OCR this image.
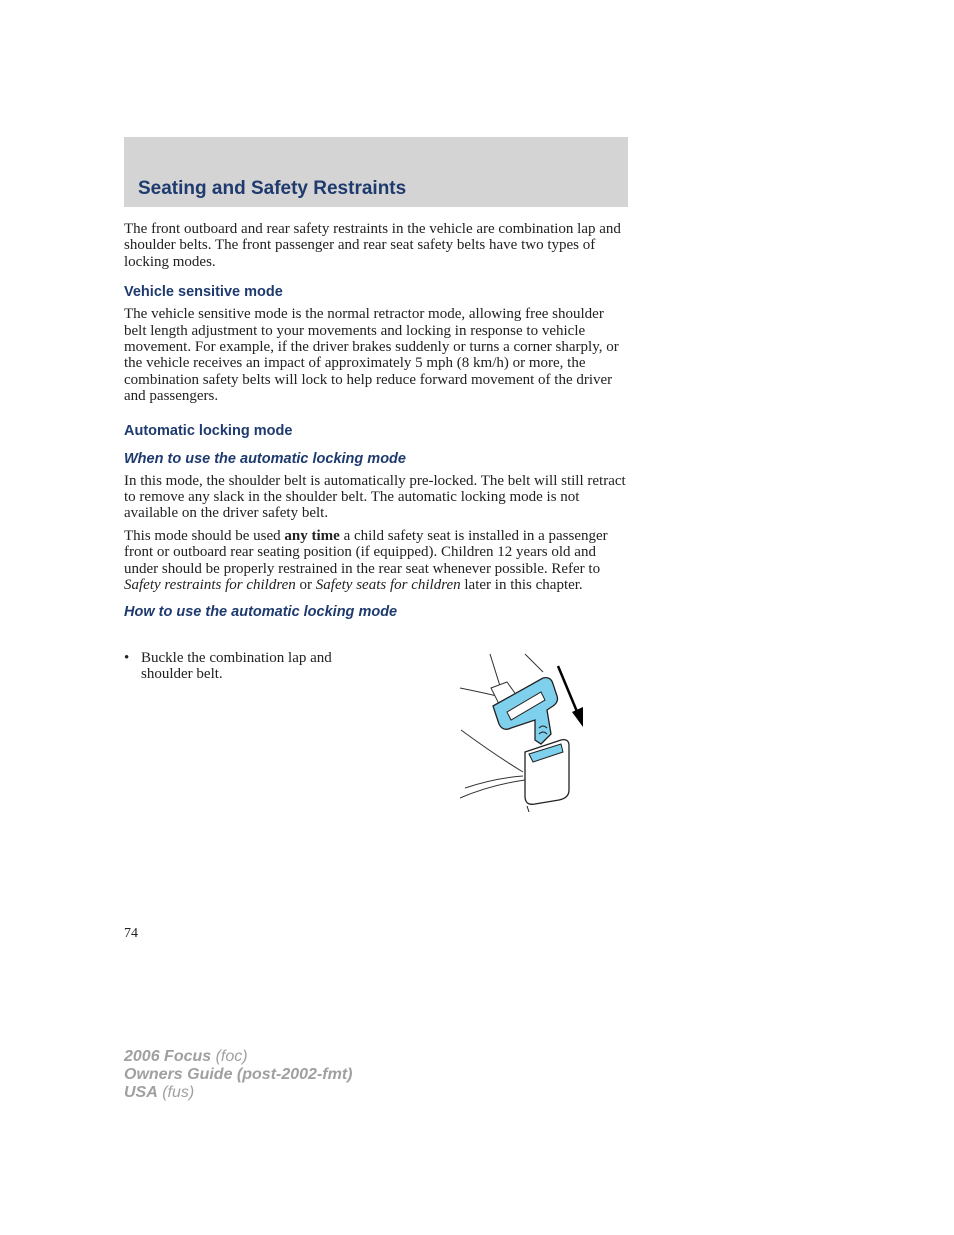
Seating and Safety Restraints

The front outboard and rear safety restraints in the vehicle are combination lap and shoulder belts. The front passenger and rear seat safety belts have two types of locking modes.

Vehicle sensitive mode

The vehicle sensitive mode is the normal retractor mode, allowing free shoulder belt length adjustment to your movements and locking in response to vehicle movement. For example, if the driver brakes suddenly or turns a corner sharply, or the vehicle receives an impact of approximately 5 mph (8 km/h) or more, the combination safety belts will lock to help reduce forward movement of the driver and passengers.

Automatic locking mode
When to use the automatic locking mode

In this mode, the shoulder belt is automatically pre-locked. The belt will still retract to remove any slack in the shoulder belt. The automatic locking mode is not available on the driver safety belt.

This mode should be used any time a child safety seat is installed in a passenger front or outboard rear seating position (if equipped). Children 12 years old and under should be properly restrained in the rear seat whenever possible. Refer to Safety restraints for children or Safety seats for children later in this chapter.

How to use the automatic locking mode
• Buckle the combination lap and shoulder belt.
74
2006 Focus (foc)
Owners Guide (post-2002-fmt)
USA (fus)
